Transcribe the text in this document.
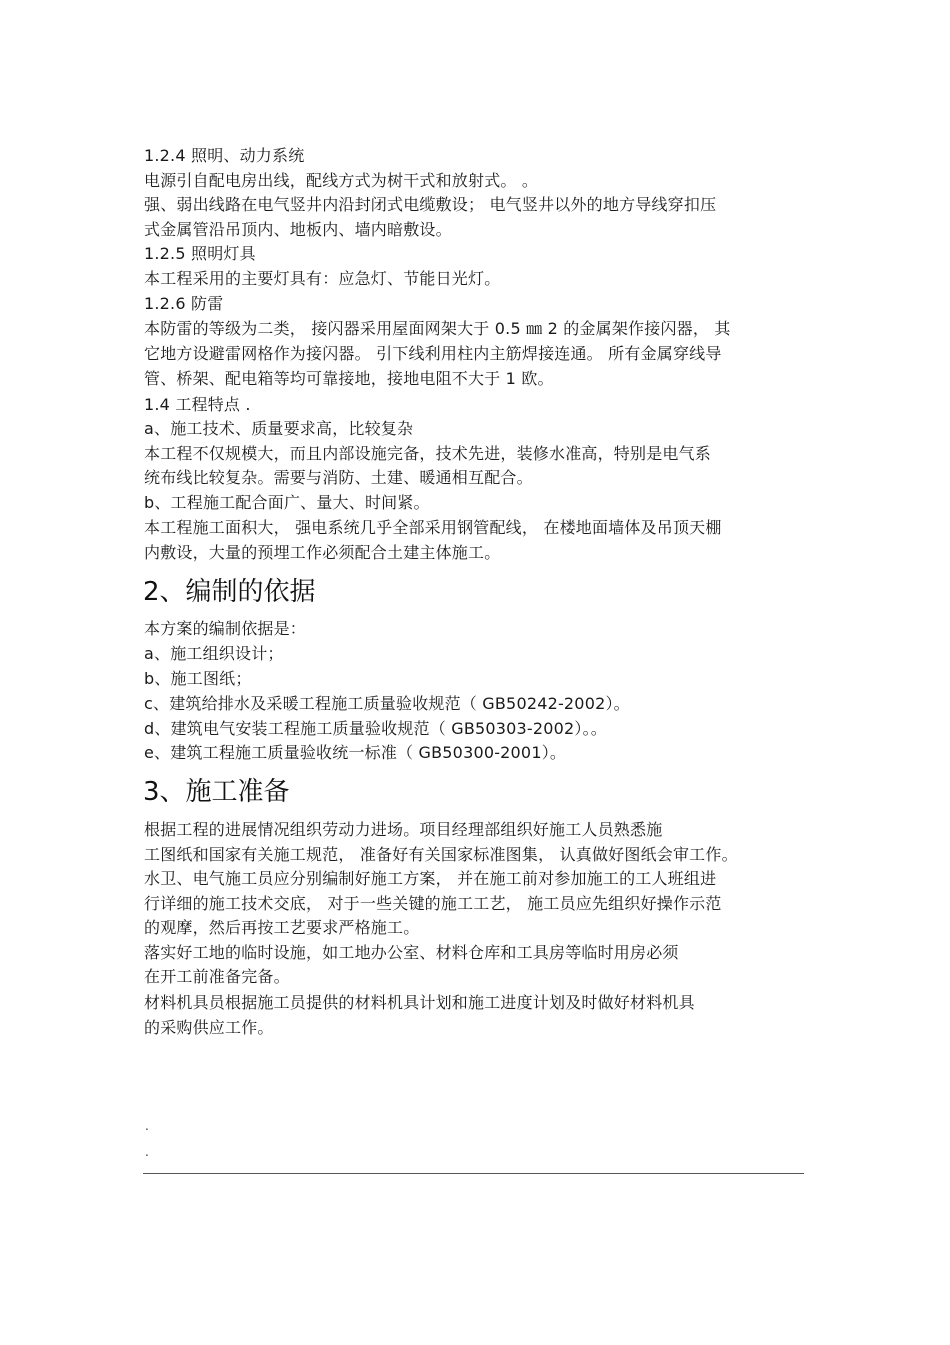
1.2.4 照明、动力系统
电源引自配电房出线，配线方式为树干式和放射式。 。
强、弱出线路在电气竖井内沿封闭式电缆敷设； 电气竖井以外的地方导线穿扣压
式金属管沿吊顶内、地板内、墙内暗敷设。
1.2.5 照明灯具
本工程采用的主要灯具有：应急灯、节能日光灯。
1.2.6 防雷
本防雷的等级为二类， 接闪器采用屋面网架大于 0.5 ㎜ 2 的金属架作接闪器， 其
它地方设避雷网格作为接闪器。 引下线利用柱内主筋焊接连通。 所有金属穿线导
管、桥架、配电箱等均可靠接地，接地电阻不大于 1 欧。
1.4 工程特点 .
a、施工技术、质量要求高，比较复杂
本工程不仅规模大，而且内部设施完备，技术先进，装修水准高，特别是电气系
统布线比较复杂。需要与消防、土建、暖通相互配合。
b、工程施工配合面广、量大、时间紧。
本工程施工面积大， 强电系统几乎全部采用钢管配线， 在楼地面墙体及吊顶天棚
内敷设，大量的预埋工作必须配合土建主体施工。
2、编制的依据
本方案的编制依据是：
a、施工组织设计；
b、施工图纸；
c、建筑给排水及采暖工程施工质量验收规范（ GB50242-2002）。
d、建筑电气安装工程施工质量验收规范（ GB50303-2002）。。
e、建筑工程施工质量验收统一标准（ GB50300-2001）。
3、施工准备
根据工程的进展情况组织劳动力进场。项目经理部组织好施工人员熟悉施
工图纸和国家有关施工规范， 准备好有关国家标准图集， 认真做好图纸会审工作。
水卫、电气施工员应分别编制好施工方案， 并在施工前对参加施工的工人班组进
行详细的施工技术交底， 对于一些关键的施工工艺， 施工员应先组织好操作示范
的观摩，然后再按工艺要求严格施工。
落实好工地的临时设施，如工地办公室、材料仓库和工具房等临时用房必须
在开工前准备完备。
材料机具员根据施工员提供的材料机具计划和施工进度计划及时做好材料机具
的采购供应工作。
.
.
